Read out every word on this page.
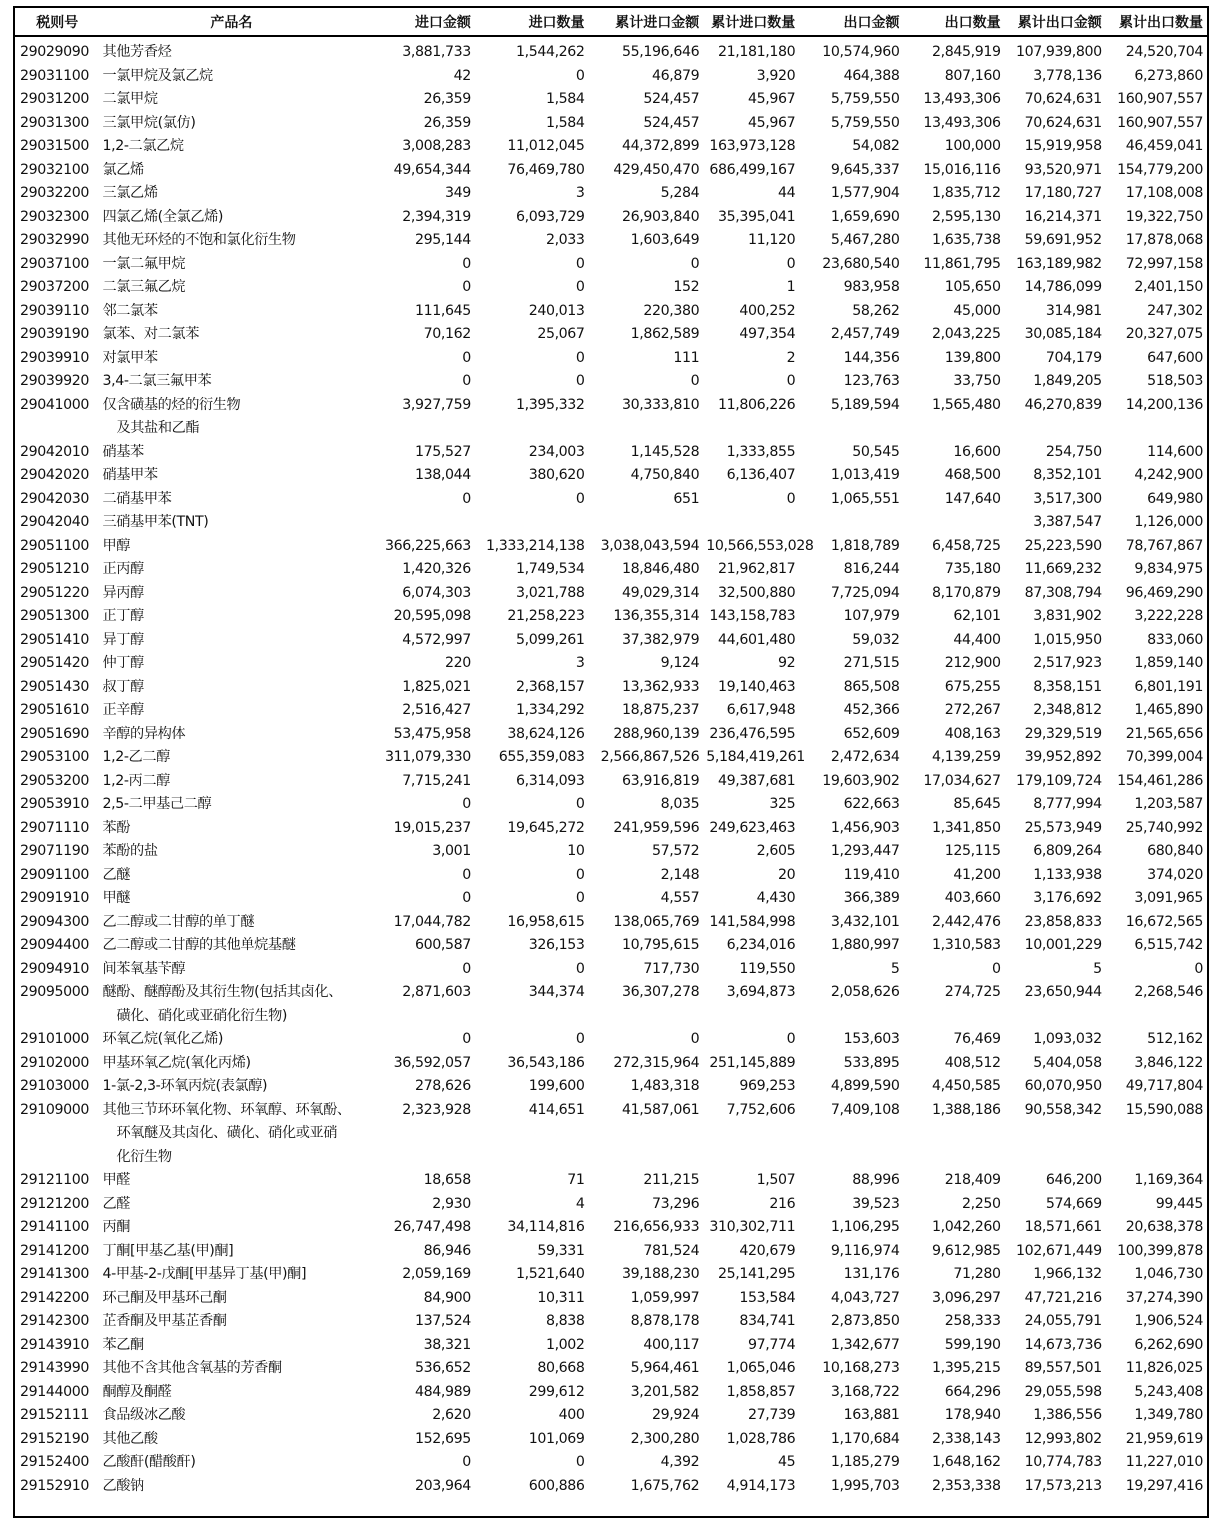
税则号	产品名	进口金额	进口数量	累计进口金额	累计进口数量	出口金额	出口数量	累计出口金额	累计出口数量
29029090	其他芳香烃	3,881,733	1,544,262	55,196,646	21,181,180	10,574,960	2,845,919	107,939,800	24,520,704
29031100	一氯甲烷及氯乙烷	42	0	46,879	3,920	464,388	807,160	3,778,136	6,273,860
29031200	二氯甲烷	26,359	1,584	524,457	45,967	5,759,550	13,493,306	70,624,631	160,907,557
29031300	三氯甲烷(氯仿)	26,359	1,584	524,457	45,967	5,759,550	13,493,306	70,624,631	160,907,557
29031500	1,2-二氯乙烷	3,008,283	11,012,045	44,372,899	163,973,128	54,082	100,000	15,919,958	46,459,041
29032100	氯乙烯	49,654,344	76,469,780	429,450,470	686,499,167	9,645,337	15,016,116	93,520,971	154,779,200
29032200	三氯乙烯	349	3	5,284	44	1,577,904	1,835,712	17,180,727	17,108,008
29032300	四氯乙烯(全氯乙烯)	2,394,319	6,093,729	26,903,840	35,395,041	1,659,690	2,595,130	16,214,371	19,322,750
29032990	其他无环烃的不饱和氯化衍生物	295,144	2,033	1,603,649	11,120	5,467,280	1,635,738	59,691,952	17,878,068
29037100	一氯二氟甲烷	0	0	0	0	23,680,540	11,861,795	163,189,982	72,997,158
29037200	二氯三氟乙烷	0	0	152	1	983,958	105,650	14,786,099	2,401,150
29039110	邻二氯苯	111,645	240,013	220,380	400,252	58,262	45,000	314,981	247,302
29039190	氯苯、对二氯苯	70,162	25,067	1,862,589	497,354	2,457,749	2,043,225	30,085,184	20,327,075
29039910	对氯甲苯	0	0	111	2	144,356	139,800	704,179	647,600
29039920	3,4-二氯三氟甲苯	0	0	0	0	123,763	33,750	1,849,205	518,503
29041000	仅含磺基的烃的衍生物
及其盐和乙酯	3,927,759	1,395,332	30,333,810	11,806,226	5,189,594	1,565,480	46,270,839	14,200,136
29042010	硝基苯	175,527	234,003	1,145,528	1,333,855	50,545	16,600	254,750	114,600
29042020	硝基甲苯	138,044	380,620	4,750,840	6,136,407	1,013,419	468,500	8,352,101	4,242,900
29042030	二硝基甲苯	0	0	651	0	1,065,551	147,640	3,517,300	649,980
29042040	三硝基甲苯(TNT)							3,387,547	1,126,000
29051100	甲醇	366,225,663	1,333,214,138	3,038,043,594	10,566,553,028	1,818,789	6,458,725	25,223,590	78,767,867
29051210	正丙醇	1,420,326	1,749,534	18,846,480	21,962,817	816,244	735,180	11,669,232	9,834,975
29051220	异丙醇	6,074,303	3,021,788	49,029,314	32,500,880	7,725,094	8,170,879	87,308,794	96,469,290
29051300	正丁醇	20,595,098	21,258,223	136,355,314	143,158,783	107,979	62,101	3,831,902	3,222,228
29051410	异丁醇	4,572,997	5,099,261	37,382,979	44,601,480	59,032	44,400	1,015,950	833,060
29051420	仲丁醇	220	3	9,124	92	271,515	212,900	2,517,923	1,859,140
29051430	叔丁醇	1,825,021	2,368,157	13,362,933	19,140,463	865,508	675,255	8,358,151	6,801,191
29051610	正辛醇	2,516,427	1,334,292	18,875,237	6,617,948	452,366	272,267	2,348,812	1,465,890
29051690	辛醇的异构体	53,475,958	38,624,126	288,960,139	236,476,595	652,609	408,163	29,329,519	21,565,656
29053100	1,2-乙二醇	311,079,330	655,359,083	2,566,867,526	5,184,419,261	2,472,634	4,139,259	39,952,892	70,399,004
29053200	1,2-丙二醇	7,715,241	6,314,093	63,916,819	49,387,681	19,603,902	17,034,627	179,109,724	154,461,286
29053910	2,5-二甲基己二醇	0	0	8,035	325	622,663	85,645	8,777,994	1,203,587
29071110	苯酚	19,015,237	19,645,272	241,959,596	249,623,463	1,456,903	1,341,850	25,573,949	25,740,992
29071190	苯酚的盐	3,001	10	57,572	2,605	1,293,447	125,115	6,809,264	680,840
29091100	乙醚	0	0	2,148	20	119,410	41,200	1,133,938	374,020
29091910	甲醚	0	0	4,557	4,430	366,389	403,660	3,176,692	3,091,965
29094300	乙二醇或二甘醇的单丁醚	17,044,782	16,958,615	138,065,769	141,584,998	3,432,101	2,442,476	23,858,833	16,672,565
29094400	乙二醇或二甘醇的其他单烷基醚	600,587	326,153	10,795,615	6,234,016	1,880,997	1,310,583	10,001,229	6,515,742
29094910	间苯氧基苄醇	0	0	717,730	119,550	5	0	5	0
29095000	醚酚、醚醇酚及其衍生物(包括其卤化、
磺化、硝化或亚硝化衍生物)	2,871,603	344,374	36,307,278	3,694,873	2,058,626	274,725	23,650,944	2,268,546
29101000	环氧乙烷(氧化乙烯)	0	0	0	0	153,603	76,469	1,093,032	512,162
29102000	甲基环氧乙烷(氧化丙烯)	36,592,057	36,543,186	272,315,964	251,145,889	533,895	408,512	5,404,058	3,846,122
29103000	1-氯-2,3-环氧丙烷(表氯醇)	278,626	199,600	1,483,318	969,253	4,899,590	4,450,585	60,070,950	49,717,804
29109000	其他三节环环氧化物、环氧醇、环氧酚、
环氧醚及其卤化、磺化、硝化或亚硝
化衍生物	2,323,928	414,651	41,587,061	7,752,606	7,409,108	1,388,186	90,558,342	15,590,088
29121100	甲醛	18,658	71	211,215	1,507	88,996	218,409	646,200	1,169,364
29121200	乙醛	2,930	4	73,296	216	39,523	2,250	574,669	99,445
29141100	丙酮	26,747,498	34,114,816	216,656,933	310,302,711	1,106,295	1,042,260	18,571,661	20,638,378
29141200	丁酮[甲基乙基(甲)酮]	86,946	59,331	781,524	420,679	9,116,974	9,612,985	102,671,449	100,399,878
29141300	4-甲基-2-戊酮[甲基异丁基(甲)酮]	2,059,169	1,521,640	39,188,230	25,141,295	131,176	71,280	1,966,132	1,046,730
29142200	环己酮及甲基环己酮	84,900	10,311	1,059,997	153,584	4,043,727	3,096,297	47,721,216	37,274,390
29142300	芷香酮及甲基芷香酮	137,524	8,838	8,878,178	834,741	2,873,850	258,333	24,055,791	1,906,524
29143910	苯乙酮	38,321	1,002	400,117	97,774	1,342,677	599,190	14,673,736	6,262,690
29143990	其他不含其他含氧基的芳香酮	536,652	80,668	5,964,461	1,065,046	10,168,273	1,395,215	89,557,501	11,826,025
29144000	酮醇及酮醛	484,989	299,612	3,201,582	1,858,857	3,168,722	664,296	29,055,598	5,243,408
29152111	食品级冰乙酸	2,620	400	29,924	27,739	163,881	178,940	1,386,556	1,349,780
29152190	其他乙酸	152,695	101,069	2,300,280	1,028,786	1,170,684	2,338,143	12,993,802	21,959,619
29152400	乙酸酐(醋酸酐)	0	0	4,392	45	1,185,279	1,648,162	10,774,783	11,227,010
29152910	乙酸钠	203,964	600,886	1,675,762	4,914,173	1,995,703	2,353,338	17,573,213	19,297,416
